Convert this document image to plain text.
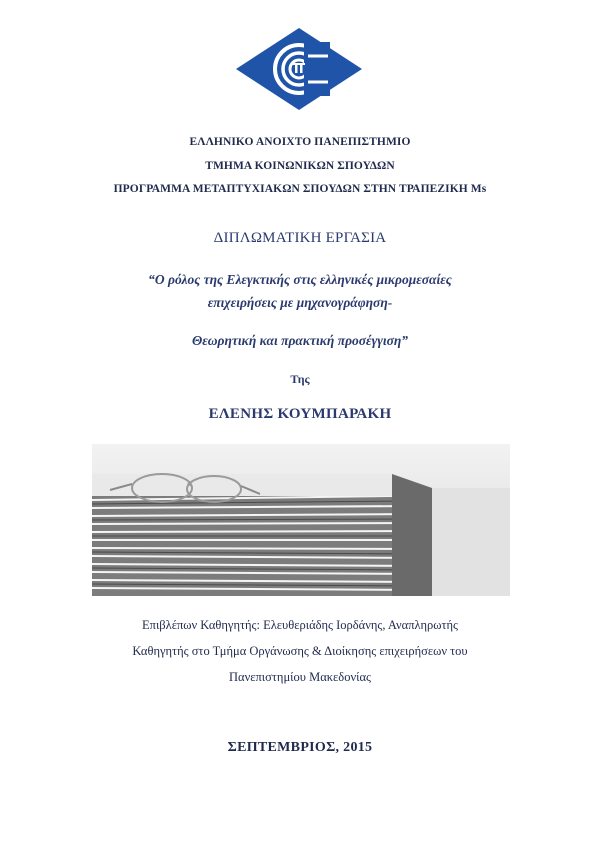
ΕΛΛΗΝΙΚΟ ΑΝΟΙΧΤΟ ΠΑΝΕΠΙΣΤΗΜΙΟ
ΤΜΗΜΑ ΚΟΙΝΩΝΙΚΩΝ ΣΠΟΥΔΩΝ
ΠΡΟΓΡΑΜΜΑ ΜΕΤΑΠΤΥΧΙΑΚΩΝ ΣΠΟΥΔΩΝ ΣΤΗΝ ΤΡΑΠΕΖΙΚΗ Ms
ΔΙΠΛΩΜΑΤΙΚΗ ΕΡΓΑΣΙΑ
“Ο ρόλος της Ελεγκτικής στις ελληνικές μικρομεσαίες
επιχειρήσεις με μηχανογράφηση-
Θεωρητική και πρακτική προσέγγιση”
Της
ΕΛΕΝΗΣ ΚΟΥΜΠΑΡΑΚΗ
Επιβλέπων Καθηγητής: Ελευθεριάδης Ιορδάνης, Αναπληρωτής
Καθηγητής στο Τμήμα Οργάνωσης & Διοίκησης επιχειρήσεων του
Πανεπιστημίου Μακεδονίας
ΣΕΠΤΕΜΒΡΙΟΣ, 2015
